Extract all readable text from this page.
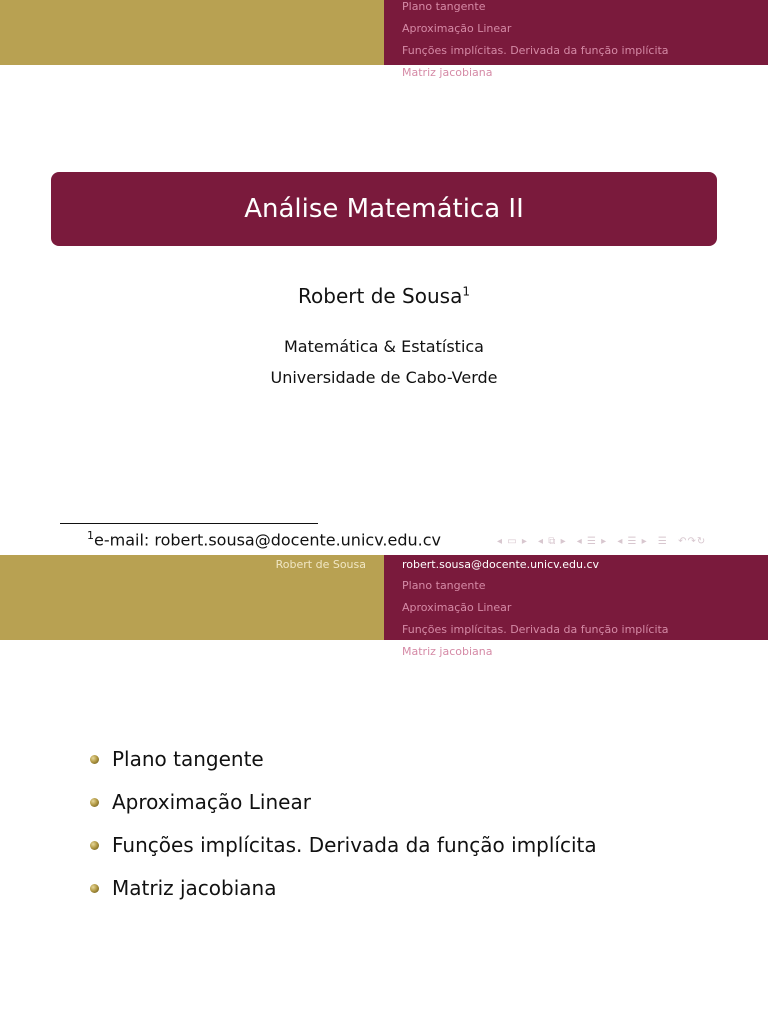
Plano tangente
Aproximação Linear
Funções implícitas. Derivada da função implícita
Matriz jacobiana
Análise Matemática II
Robert de Sousa$^1$
Matemática & Estatística
Universidade de Cabo-Verde
$^1$e-mail: robert.sousa@docente.unicv.edu.cv	◂ ▭ ▸ ◂ ⧉ ▸ ◂ ☰ ▸ ◂ ☰ ▸ ☰ ↶↷↻
Robert de Sousa	robert.sousa@docente.unicv.edu.cv
Plano tangente
Aproximação Linear
Funções implícitas. Derivada da função implícita
Matriz jacobiana
Plano tangente
Aproximação Linear
Funções implícitas. Derivada da função implícita
Matriz jacobiana
